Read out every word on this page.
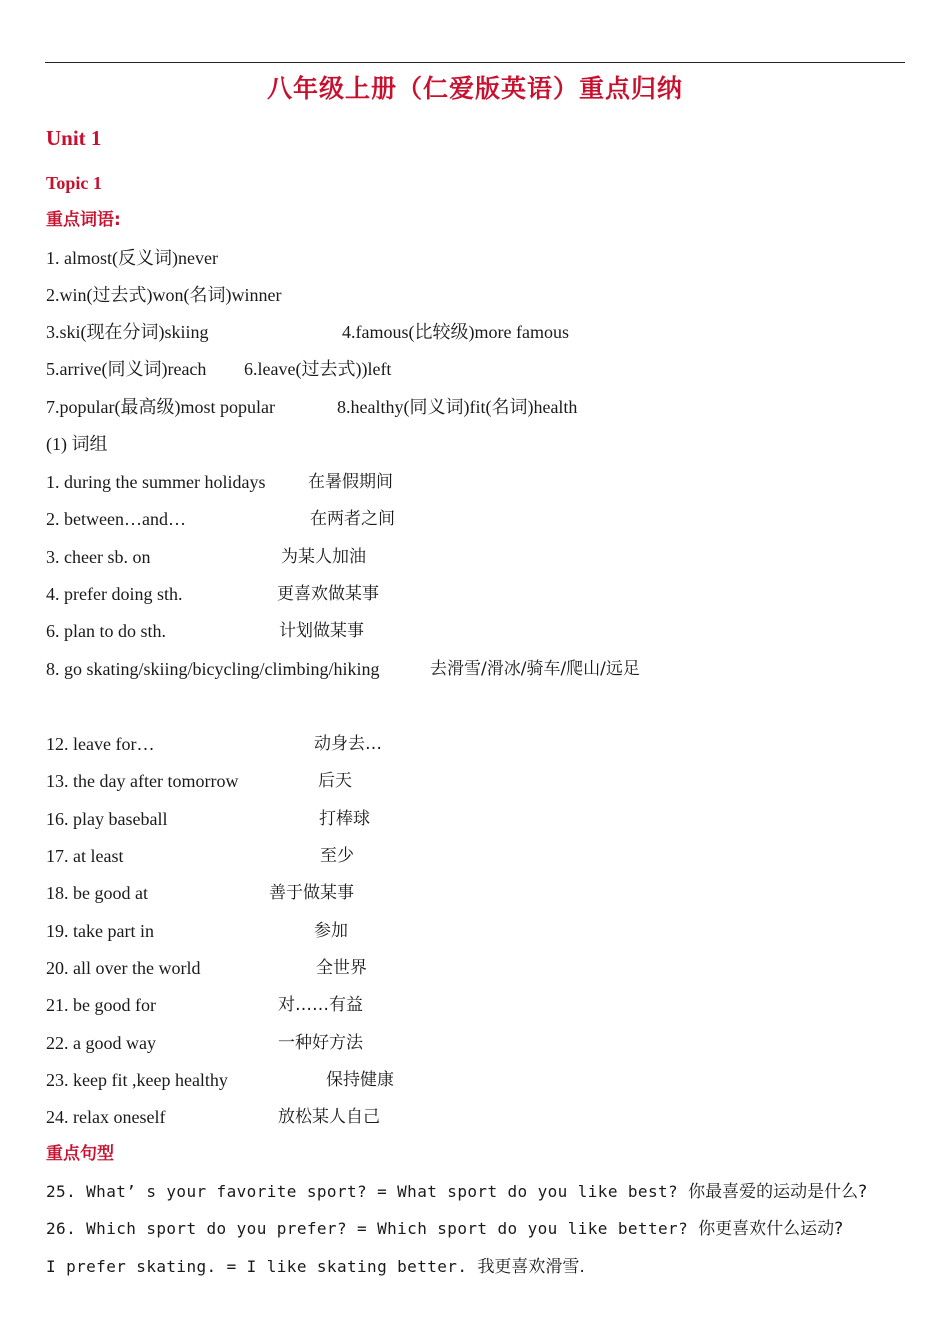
八年级上册（仁爱版英语）重点归纳
Unit 1
Topic 1
重点词语:
1. almost(反义词)never
2.win(过去式)won(名词)winner
3.ski(现在分词)skiing	4.famous(比较级)more famous
5.arrive(同义词)reach 6.leave(过去式))left
7.popular(最高级)most popular	8.healthy(同义词)fit(名词)health
(1) 词组
1. during the summer holidays	在暑假期间
2. between…and…	在两者之间
3. cheer sb. on	为某人加油
4. prefer doing sth.	更喜欢做某事
6. plan to do sth.	计划做某事
8. go skating/skiing/bicycling/climbing/hiking	去滑雪/滑冰/骑车/爬山/远足
12. leave for…	动身去…
13. the day after tomorrow	后天
16. play baseball	打棒球
17. at least	至少
18. be good at	善于做某事
19. take part in	参加
20. all over the world	全世界
21. be good for	对……有益
22. a good way	一种好方法
23. keep fit ,keep healthy	保持健康
24. relax oneself	放松某人自己
重点句型
25. What’ s your favorite sport? = What sport do you like best? 你最喜爱的运动是什么?
26. Which sport do you prefer? = Which sport do you like better? 你更喜欢什么运动?
I prefer skating. = I like skating better. 我更喜欢滑雪.
